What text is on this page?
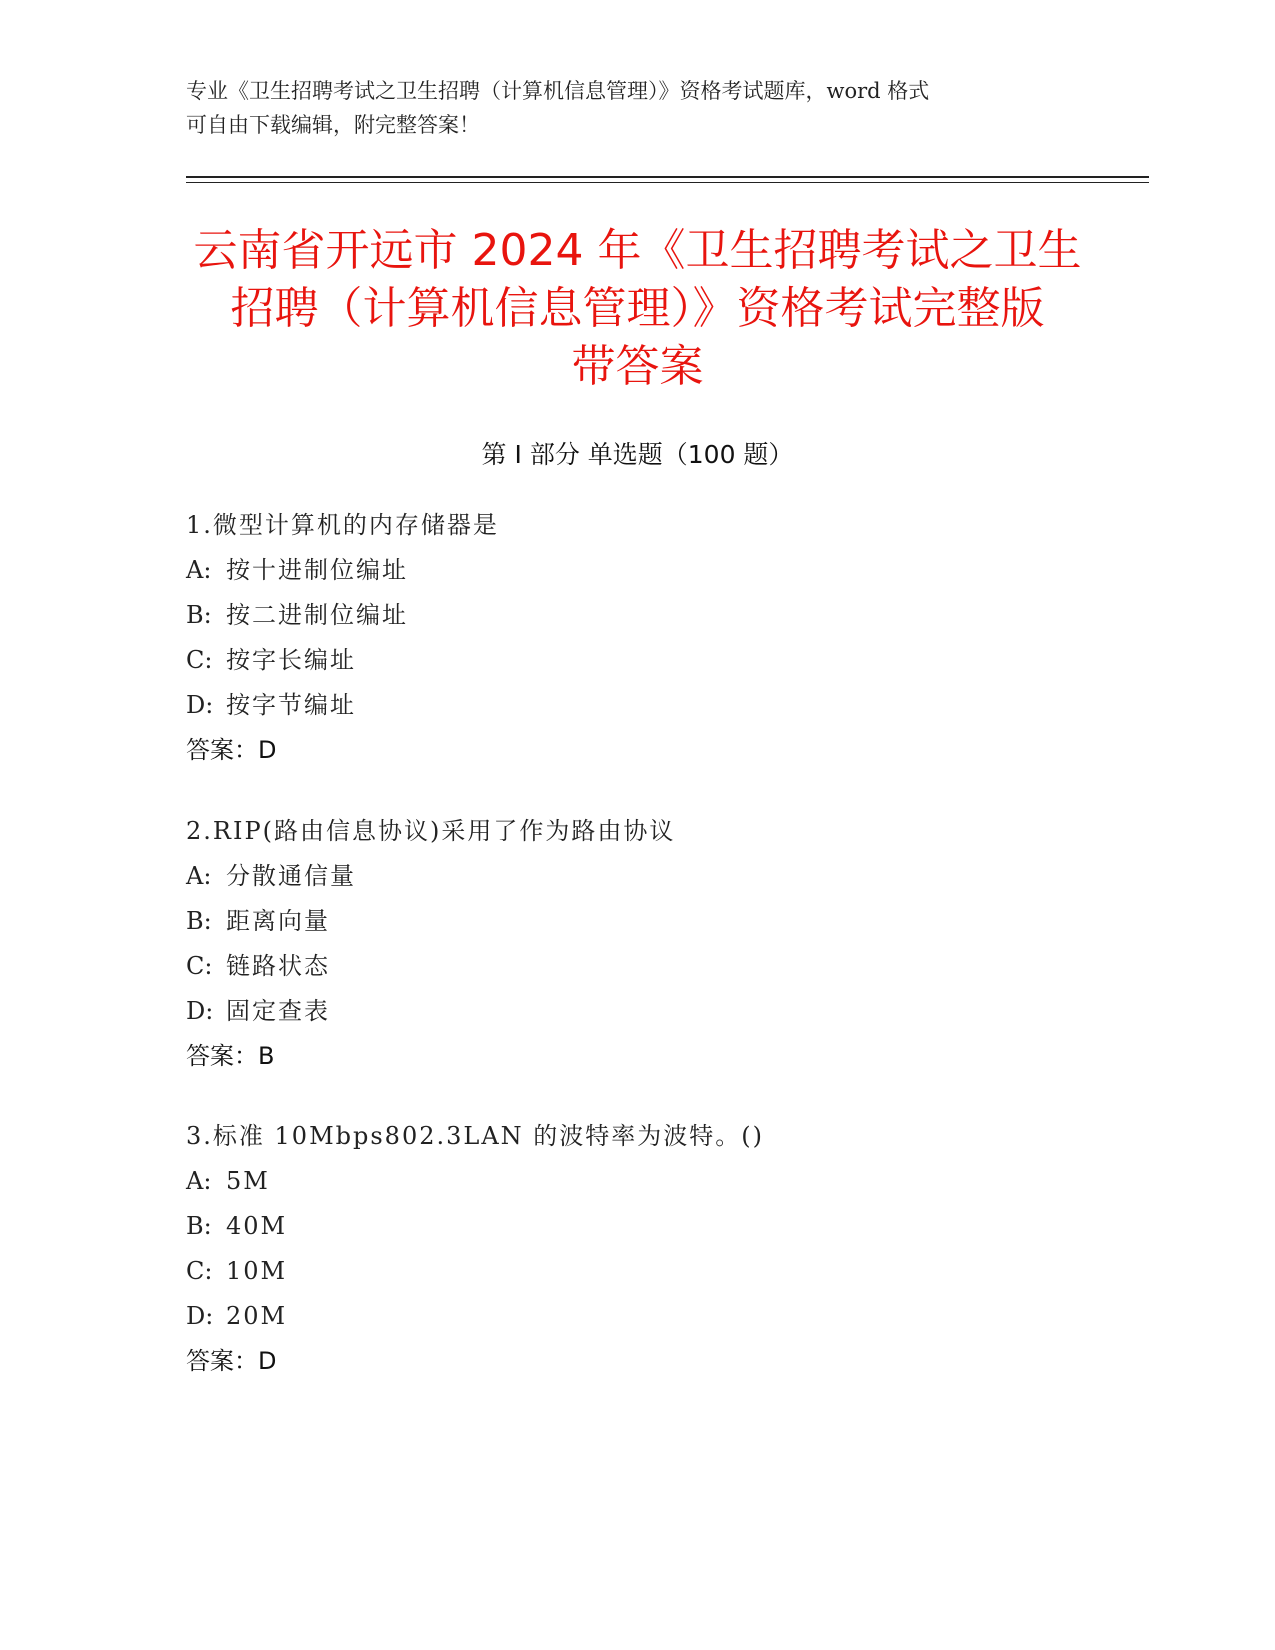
专业《卫生招聘考试之卫生招聘（计算机信息管理）》资格考试题库，word 格式
可自由下载编辑，附完整答案！
云南省开远市 2024 年《卫生招聘考试之卫生
招聘（计算机信息管理）》资格考试完整版
带答案
第 I 部分 单选题（100 题）
1.微型计算机的内存储器是
A: 按十进制位编址
B: 按二进制位编址
C: 按字长编址
D: 按字节编址
答案：D
2.RIP(路由信息协议)采用了作为路由协议
A: 分散通信量
B: 距离向量
C: 链路状态
D: 固定查表
答案：B
3.标准 10Mbps802.3LAN 的波特率为波特。()
A: 5M
B: 40M
C: 10M
D: 20M
答案：D
